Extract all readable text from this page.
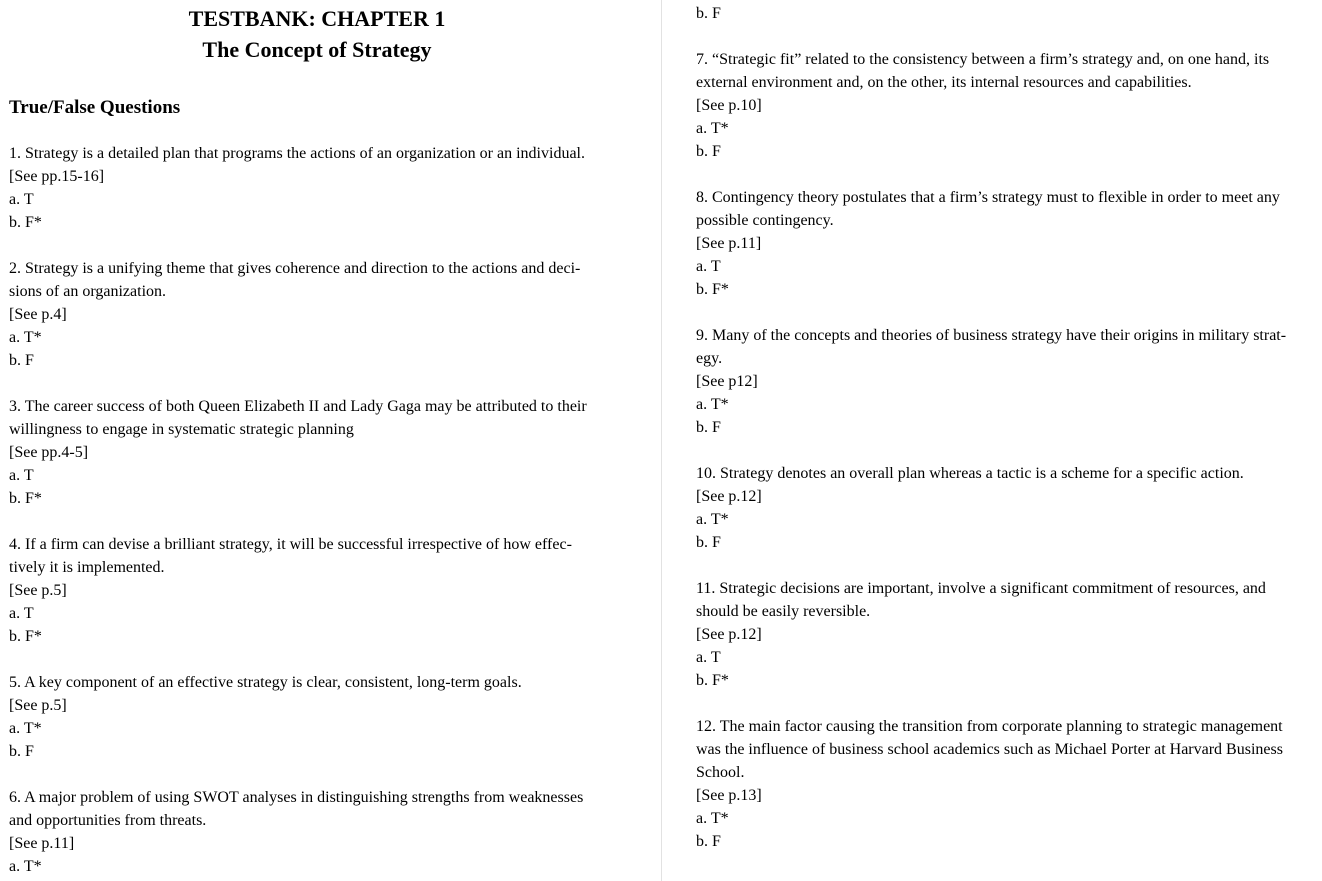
TESTBANK: CHAPTER 1
The Concept of Strategy
True/False Questions
1. Strategy is a detailed plan that programs the actions of an organization or an individual.
[See pp.15-16]
a. T
b. F*
2. Strategy is a unifying theme that gives coherence and direction to the actions and deci-
sions of an organization.
[See p.4]
a. T*
b. F
3. The career success of both Queen Elizabeth II and Lady Gaga may be attributed to their
willingness to engage in systematic strategic planning
[See pp.4-5]
a. T
b. F*
4. If a firm can devise a brilliant strategy, it will be successful irrespective of how effec-
tively it is implemented.
[See p.5]
a. T
b. F*
5. A key component of an effective strategy is clear, consistent, long-term goals.
[See p.5]
a. T*
b. F
6. A major problem of using SWOT analyses in distinguishing strengths from weaknesses
and opportunities from threats.
[See p.11]
a. T*
b. F
7. “Strategic fit” related to the consistency between a firm’s strategy and, on one hand, its
external environment and, on the other, its internal resources and capabilities.
[See p.10]
a. T*
b. F
8. Contingency theory postulates that a firm’s strategy must to flexible in order to meet any
possible contingency.
[See p.11]
a. T
b. F*
9. Many of the concepts and theories of business strategy have their origins in military strat-
egy.
[See p12]
a. T*
b. F
10. Strategy denotes an overall plan whereas a tactic is a scheme for a specific action.
[See p.12]
a. T*
b. F
11. Strategic decisions are important, involve a significant commitment of resources, and
should be easily reversible.
[See p.12]
a. T
b. F*
12. The main factor causing the transition from corporate planning to strategic management
was the influence of business school academics such as Michael Porter at Harvard Business
School.
[See p.13]
a. T*
b. F
